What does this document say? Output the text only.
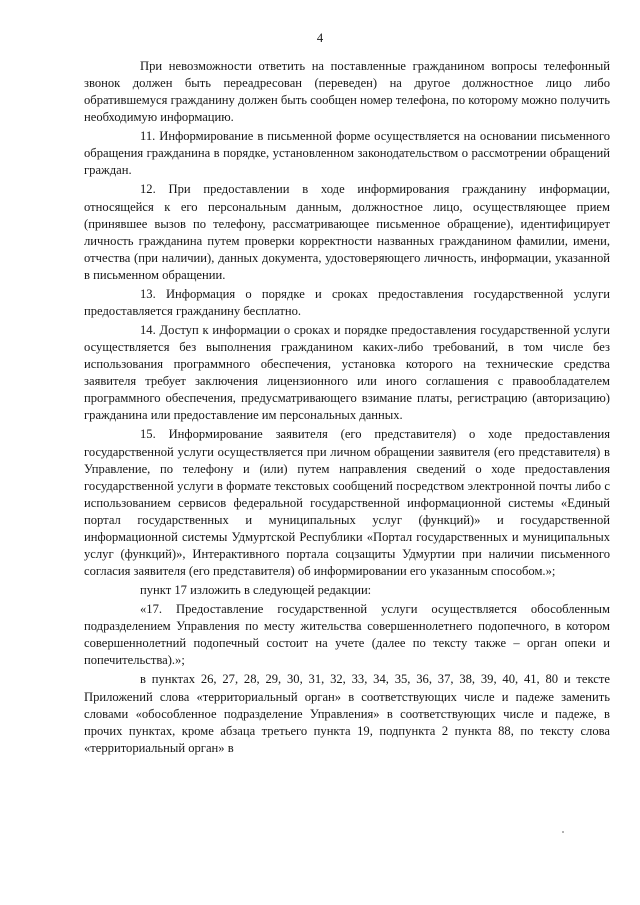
4

При невозможности ответить на поставленные гражданином вопросы телефонный звонок должен быть переадресован (переведен) на другое должностное лицо либо обратившемуся гражданину должен быть сообщен номер телефона, по которому можно получить необходимую информацию.

11. Информирование в письменной форме осуществляется на основании письменного обращения гражданина в порядке, установленном законодательством о рассмотрении обращений граждан.

12. При предоставлении в ходе информирования гражданину информации, относящейся к его персональным данным, должностное лицо, осуществляющее прием (принявшее вызов по телефону, рассматривающее письменное обращение), идентифицирует личность гражданина путем проверки корректности названных гражданином фамилии, имени, отчества (при наличии), данных документа, удостоверяющего личность, информации, указанной в письменном обращении.

13. Информация о порядке и сроках предоставления государственной услуги предоставляется гражданину бесплатно.

14. Доступ к информации о сроках и порядке предоставления государственной услуги осуществляется без выполнения гражданином каких-либо требований, в том числе без использования программного обеспечения, установка которого на технические средства заявителя требует заключения лицензионного или иного соглашения с правообладателем программного обеспечения, предусматривающего взимание платы, регистрацию (авторизацию) гражданина или предоставление им персональных данных.

15. Информирование заявителя (его представителя) о ходе предоставления государственной услуги осуществляется при личном обращении заявителя (его представителя) в Управление, по телефону и (или) путем направления сведений о ходе предоставления государственной услуги в формате текстовых сообщений посредством электронной почты либо с использованием сервисов федеральной государственной информационной системы «Единый портал государственных и муниципальных услуг (функций)» и государственной информационной системы Удмуртской Республики «Портал государственных и муниципальных услуг (функций)», Интерактивного портала соцзащиты Удмуртии при наличии письменного согласия заявителя (его представителя) об информировании его указанным способом.»;

пункт 17 изложить в следующей редакции:

«17. Предоставление государственной услуги осуществляется обособленным подразделением Управления по месту жительства совершеннолетнего подопечного, в котором совершеннолетний подопечный состоит на учете (далее по тексту также – орган опеки и попечительства).»;

в пунктах 26, 27, 28, 29, 30, 31, 32, 33, 34, 35, 36, 37, 38, 39, 40, 41, 80 и тексте Приложений слова «территориальный орган» в соответствующих числе и падеже заменить словами «обособленное подразделение Управления» в соответствующих числе и падеже, в прочих пунктах, кроме абзаца третьего пункта 19, подпункта 2 пункта 88, по тексту слова «территориальный орган» в
